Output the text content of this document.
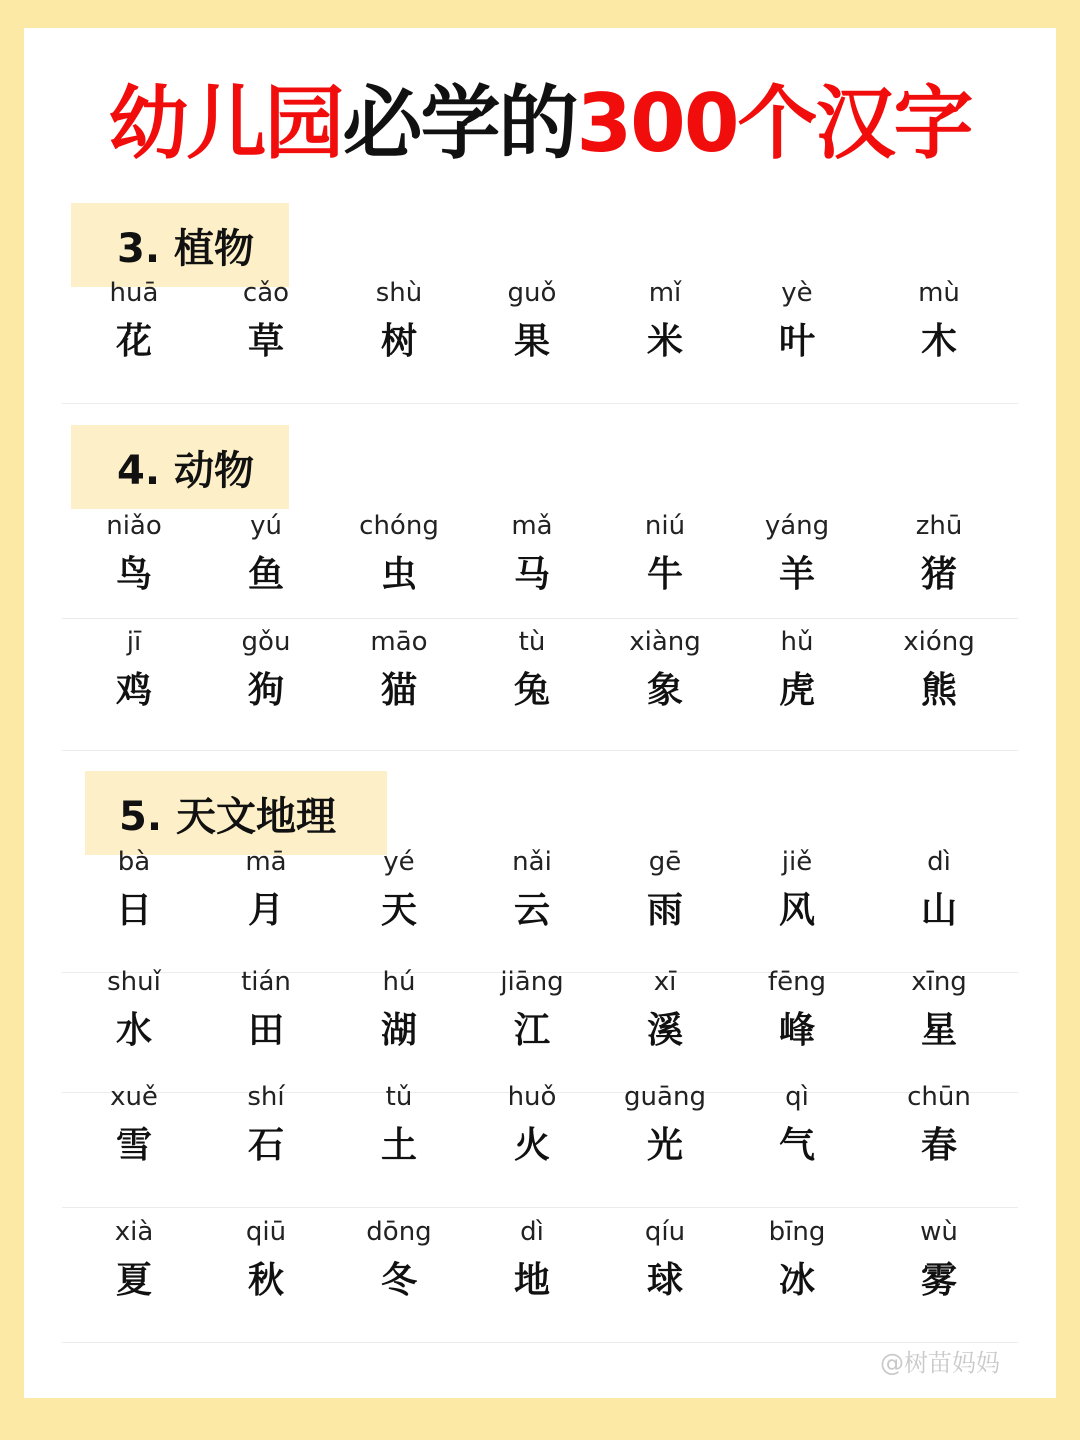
幼儿园必学的300个汉字
3. 植物
4. 动物
5. 天文地理
huā
花
cǎo
草
shù
树
guǒ
果
mǐ
米
yè
叶
mù
木
niǎo
鸟
yú
鱼
chóng
虫
mǎ
马
niú
牛
yáng
羊
zhū
猪
jī
鸡
gǒu
狗
māo
猫
tù
兔
xiàng
象
hǔ
虎
xióng
熊
bà
日
mā
月
yé
天
nǎi
云
gē
雨
jiě
风
dì
山
shuǐ
水
tián
田
hú
湖
jiāng
江
xī
溪
fēng
峰
xīng
星
xuě
雪
shí
石
tǔ
土
huǒ
火
guāng
光
qì
气
chūn
春
xià
夏
qiū
秋
dōng
冬
dì
地
qíu
球
bīng
冰
wù
雾
@树苗妈妈
